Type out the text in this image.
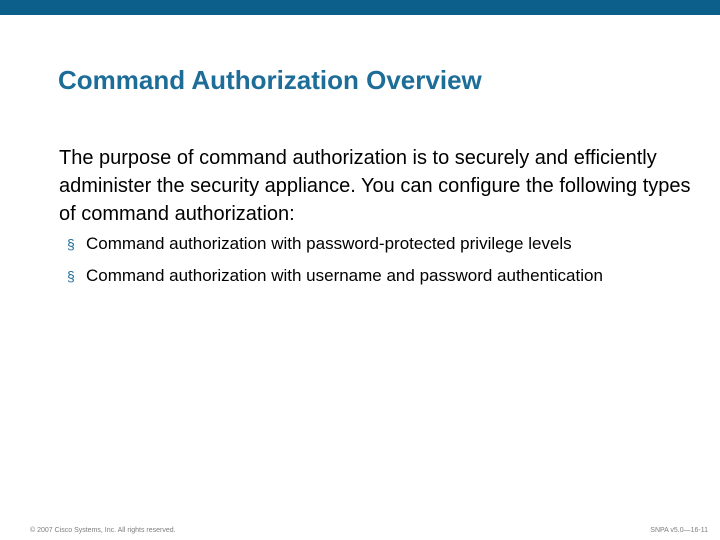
Command Authorization Overview

The purpose of command authorization is to securely and efficiently administer the security appliance. You can configure the following types of command authorization:

§ Command authorization with password-protected privilege levels
§ Command authorization with username and password authentication
© 2007 Cisco Systems, Inc. All rights reserved.	SNPA v5.0—16-11
